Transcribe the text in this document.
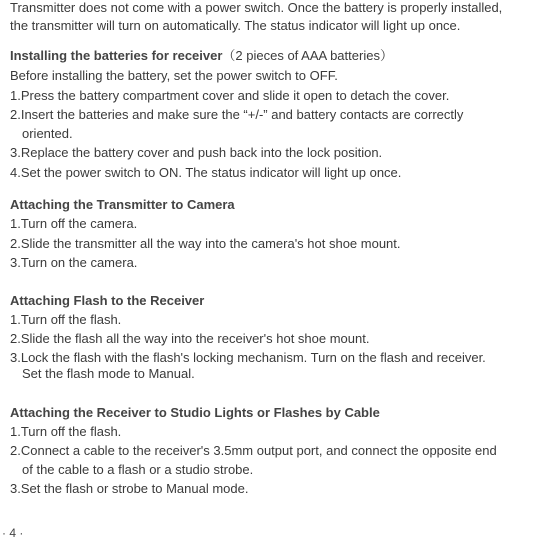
Transmitter does not come with a power switch. Once the battery is properly installed,

the transmitter will turn on automatically. The status indicator will light up once.

Installing the batteries for receiver（2 pieces of AAA batteries）

Before installing the battery, set the power switch to OFF.

1.Press the battery compartment cover and slide it open to detach the cover.

2.Insert the batteries and make sure the “+/-” and battery contacts are correctly

oriented.

3.Replace the battery cover and push back into the lock position.

4.Set the power switch to ON. The status indicator will light up once.

Attaching the Transmitter to Camera

1.Turn off the camera.

2.Slide the transmitter all the way into the camera's hot shoe mount.

3.Turn on the camera.

Attaching Flash to the Receiver

1.Turn off the flash.

2.Slide the flash all the way into the receiver's hot shoe mount.

3.Lock the flash with the flash's locking mechanism. Turn on the flash and receiver.

Set the flash mode to Manual.

Attaching the Receiver to Studio Lights or Flashes by Cable

1.Turn off the flash.

2.Connect a cable to the receiver's 3.5mm output port, and connect the opposite end

of the cable to a flash or a studio strobe.

3.Set the flash or strobe to Manual mode.

· 4 ·
